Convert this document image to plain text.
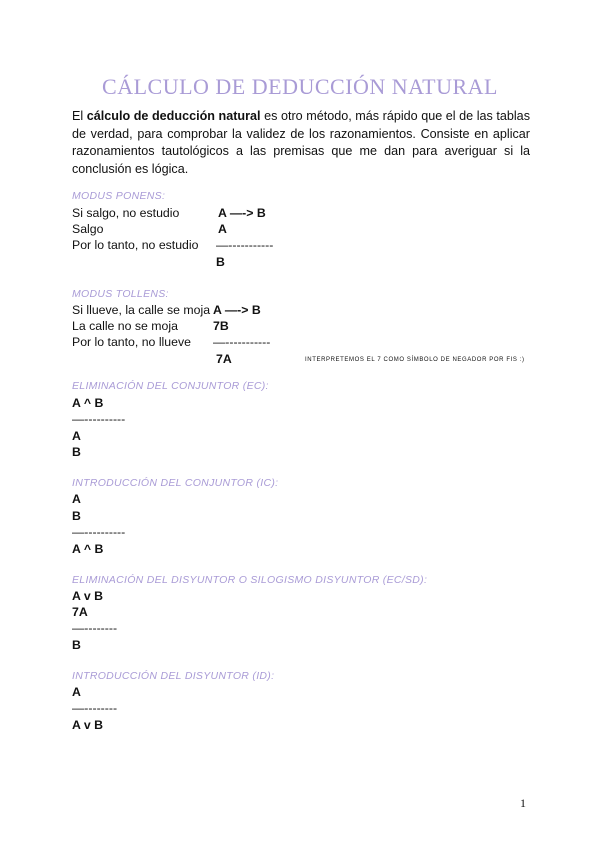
CÁLCULO DE DEDUCCIÓN NATURAL

El cálculo de deducción natural es otro método, más rápido que el de las tablas de verdad, para comprobar la validez de los razonamientos. Consiste en aplicar razonamientos tautológicos a las premisas que me dan para averiguar si la conclusión es lógica.

MODUS PONENS:
Si salgo, no estudio	A —-> B
Salgo	A
Por lo tanto, no estudio —-----------
B
MODUS TOLLENS:
Si llueve, la calle se moja A —-> B
La calle no se moja	7B
Por lo tanto, no llueve —-----------
7A	INTERPRETEMOS EL 7 COMO SÍMBOLO DE NEGADOR POR FIS :)
ELIMINACIÓN DEL CONJUNTOR (EC):
A ^ B
—----------
A
B
INTRODUCCIÓN DEL CONJUNTOR (IC):
A
B
—----------
A ^ B
ELIMINACIÓN DEL DISYUNTOR O SILOGISMO DISYUNTOR (EC/SD):
A v B
7A
—--------
B
INTRODUCCIÓN DEL DISYUNTOR (ID):
A
—--------
A v B
1
